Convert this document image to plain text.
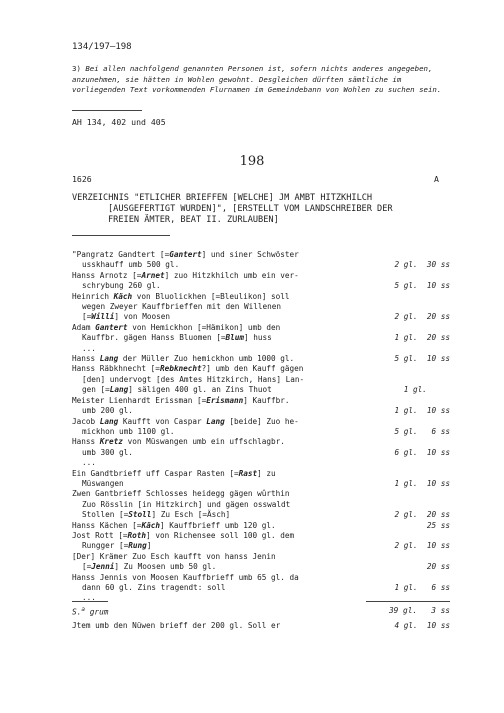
134/197–198
3) Bei allen nachfolgend genannten Personen ist, sofern nichts anderes angegeben, anzunehmen, sie hätten in Wohlen gewohnt. Desgleichen dürften sämtliche im vorliegenden Text vorkommenden Flurnamen im Gemeindebann von Wohlen zu suchen sein.
AH 134, 402 und 405
198
1626	A
VERZEICHNIS "ETLICHER BRIEFFEN [WELCHE] JM AMBT HITZKHILCH
[AUSGEFERTIGT WURDEN]", [ERSTELLT VOM LANDSCHREIBER DER
FREIEN ÄMTER, BEAT II. ZURLAUBEN]
"Pangratz Gandtert [=Gantert] und siner Schwöster
usskhauff umb 500 gl.	2 gl.  30 ss
Hanss Arnotz [=Arnet] zuo Hitzkhilch umb ein ver-
schrybung 260 gl.	5 gl.  10 ss
Heinrich Käch von Bluolickhen [=Bleulikon] soll
wegen Zweyer Kauffbrieffen mit den Willenen
[=Willi] von Moosen	2 gl.  20 ss
Adam Gantert von Hemickhon [=Hämikon] umb den
Kauffbr. gägen Hanss Bluomen [=Blum] huss	1 gl.  20 ss
...
Hanss Lang der Müller Zuo hemickhon umb 1000 gl.	5 gl.  10 ss
Hanss Räbkhnecht [=Rebknecht?] umb den Kauff gägen
[den] undervogt [des Amtes Hitzkirch, Hans] Lan-
gen [=Lang] säligen 400 gl. an Zins Thuot	1 gl.
Meister Lienhardt Erissman [=Erismann] Kauffbr.
umb 200 gl.	1 gl.  10 ss
Jacob Lang Kaufft von Caspar Lang [beide] Zuo he-
mickhon umb 1100 gl.	5 gl.   6 ss
Hanss Kretz von Müswangen umb ein uffschlagbr.
umb 300 gl.	6 gl.  10 ss
...
Ein Gandtbrieff uff Caspar Rasten [=Rast] zu
Müswangen	1 gl.  10 ss
Zwen Gantbrieff Schlosses heidegg gägen wûrthin
Zuo Rösslin [in Hitzkirch] und gägen osswaldt
Stollen [=Stoll] Zu Esch [=Äsch]	2 gl.  20 ss
Hanss Kächen [=Käch] Kauffbrieff umb 120 gl.	25 ss
Jost Rott [=Roth] von Richensee soll 100 gl. dem
Rungger [=Rung]	2 gl.  10 ss
[Der] Krämer Zuo Esch kaufft von hanss Jenin
[=Jenni] Zu Moosen umb 50 gl.	20 ss
Hanss Jennis von Moosen Kauffbrieff umb 65 gl. da
dann 60 gl. Zins tragendt: soll	1 gl.   6 ss
...
S.$^a$ grum	39 gl.   3 ss
Jtem umb den Nüwen brieff der 200 gl. Soll er	4 gl.  10 ss
